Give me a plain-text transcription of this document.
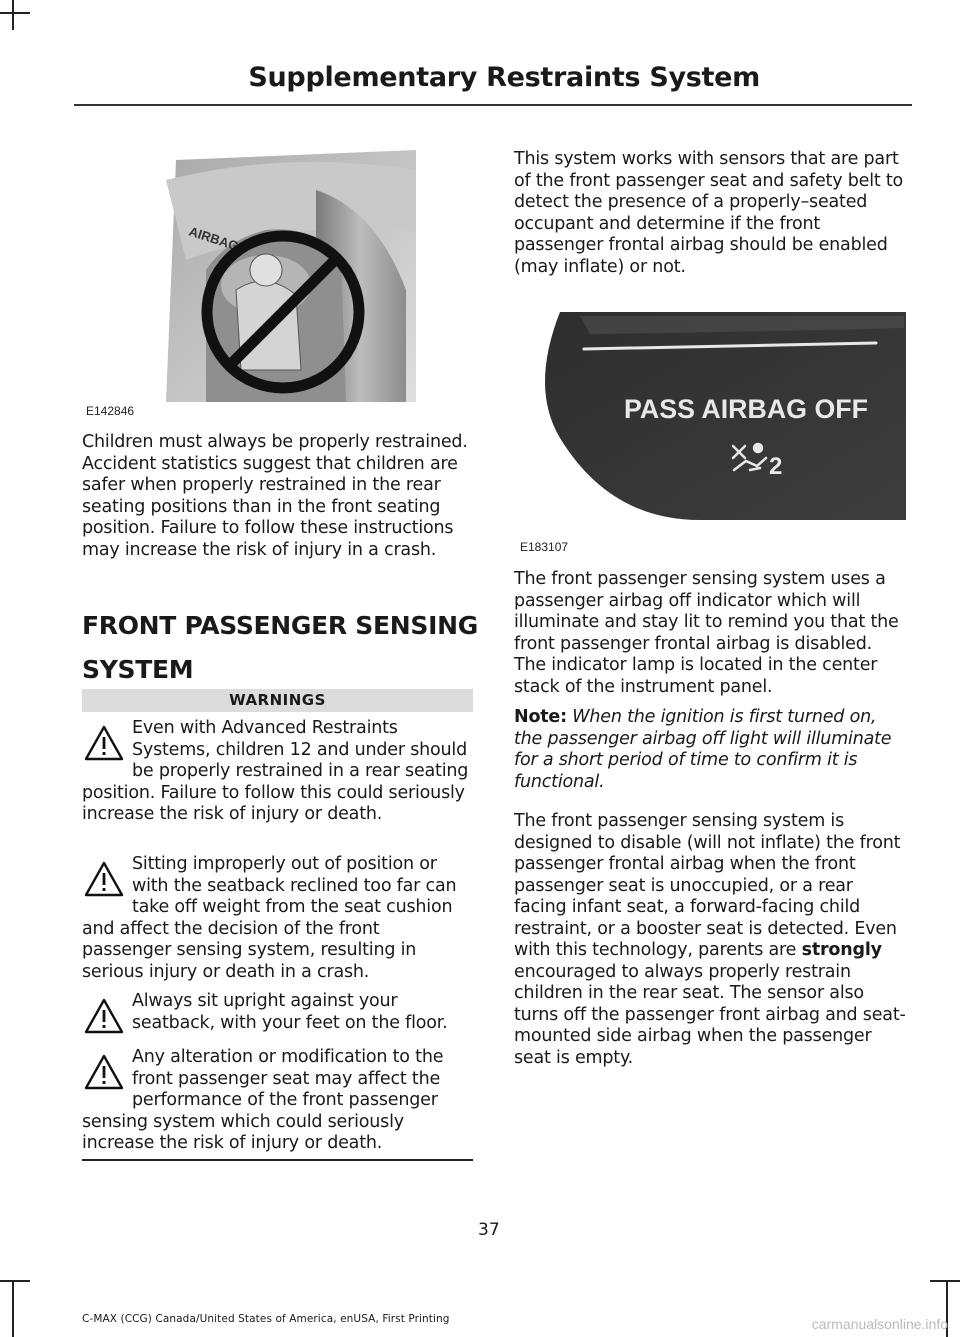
Supplementary Restraints System
AIRBAG
E142846
Children must always be properly restrained. Accident statistics suggest that children are safer when properly restrained in the rear seating positions than in the front seating position. Failure to follow these instructions may increase the risk of injury in a crash.
FRONT PASSENGER SENSING
SYSTEM
WARNINGS
Even with Advanced Restraints Systems, children 12 and under should be properly restrained in a rear seating position. Failure to follow this could seriously increase the risk of injury or death.
Sitting improperly out of position or with the seatback reclined too far can take off weight from the seat cushion and affect the decision of the front passenger sensing system, resulting in serious injury or death in a crash.
Always sit upright against your seatback, with your feet on the floor.
Any alteration or modification to the front passenger seat may affect the performance of the front passenger sensing system which could seriously increase the risk of injury or death.
This system works with sensors that are part of the front passenger seat and safety belt to detect the presence of a properly–seated occupant and determine if the front passenger frontal airbag should be enabled (may inflate) or not.
PASS AIRBAG OFF
2
E183107
The front passenger sensing system uses a passenger airbag off indicator which will illuminate and stay lit to remind you that the front passenger frontal airbag is disabled. The indicator lamp is located in the center stack of the instrument panel.
Note: When the ignition is first turned on, the passenger airbag off light will illuminate for a short period of time to confirm it is functional.
The front passenger sensing system is designed to disable (will not inflate) the front passenger frontal airbag when the front passenger seat is unoccupied, or a rear facing infant seat, a forward-facing child restraint, or a booster seat is detected. Even with this technology, parents are strongly encouraged to always properly restrain children in the rear seat. The sensor also turns off the passenger front airbag and seat-mounted side airbag when the passenger seat is empty.
37
C-MAX (CCG) Canada/United States of America, enUSA, First Printing	carmanualsonline.info
